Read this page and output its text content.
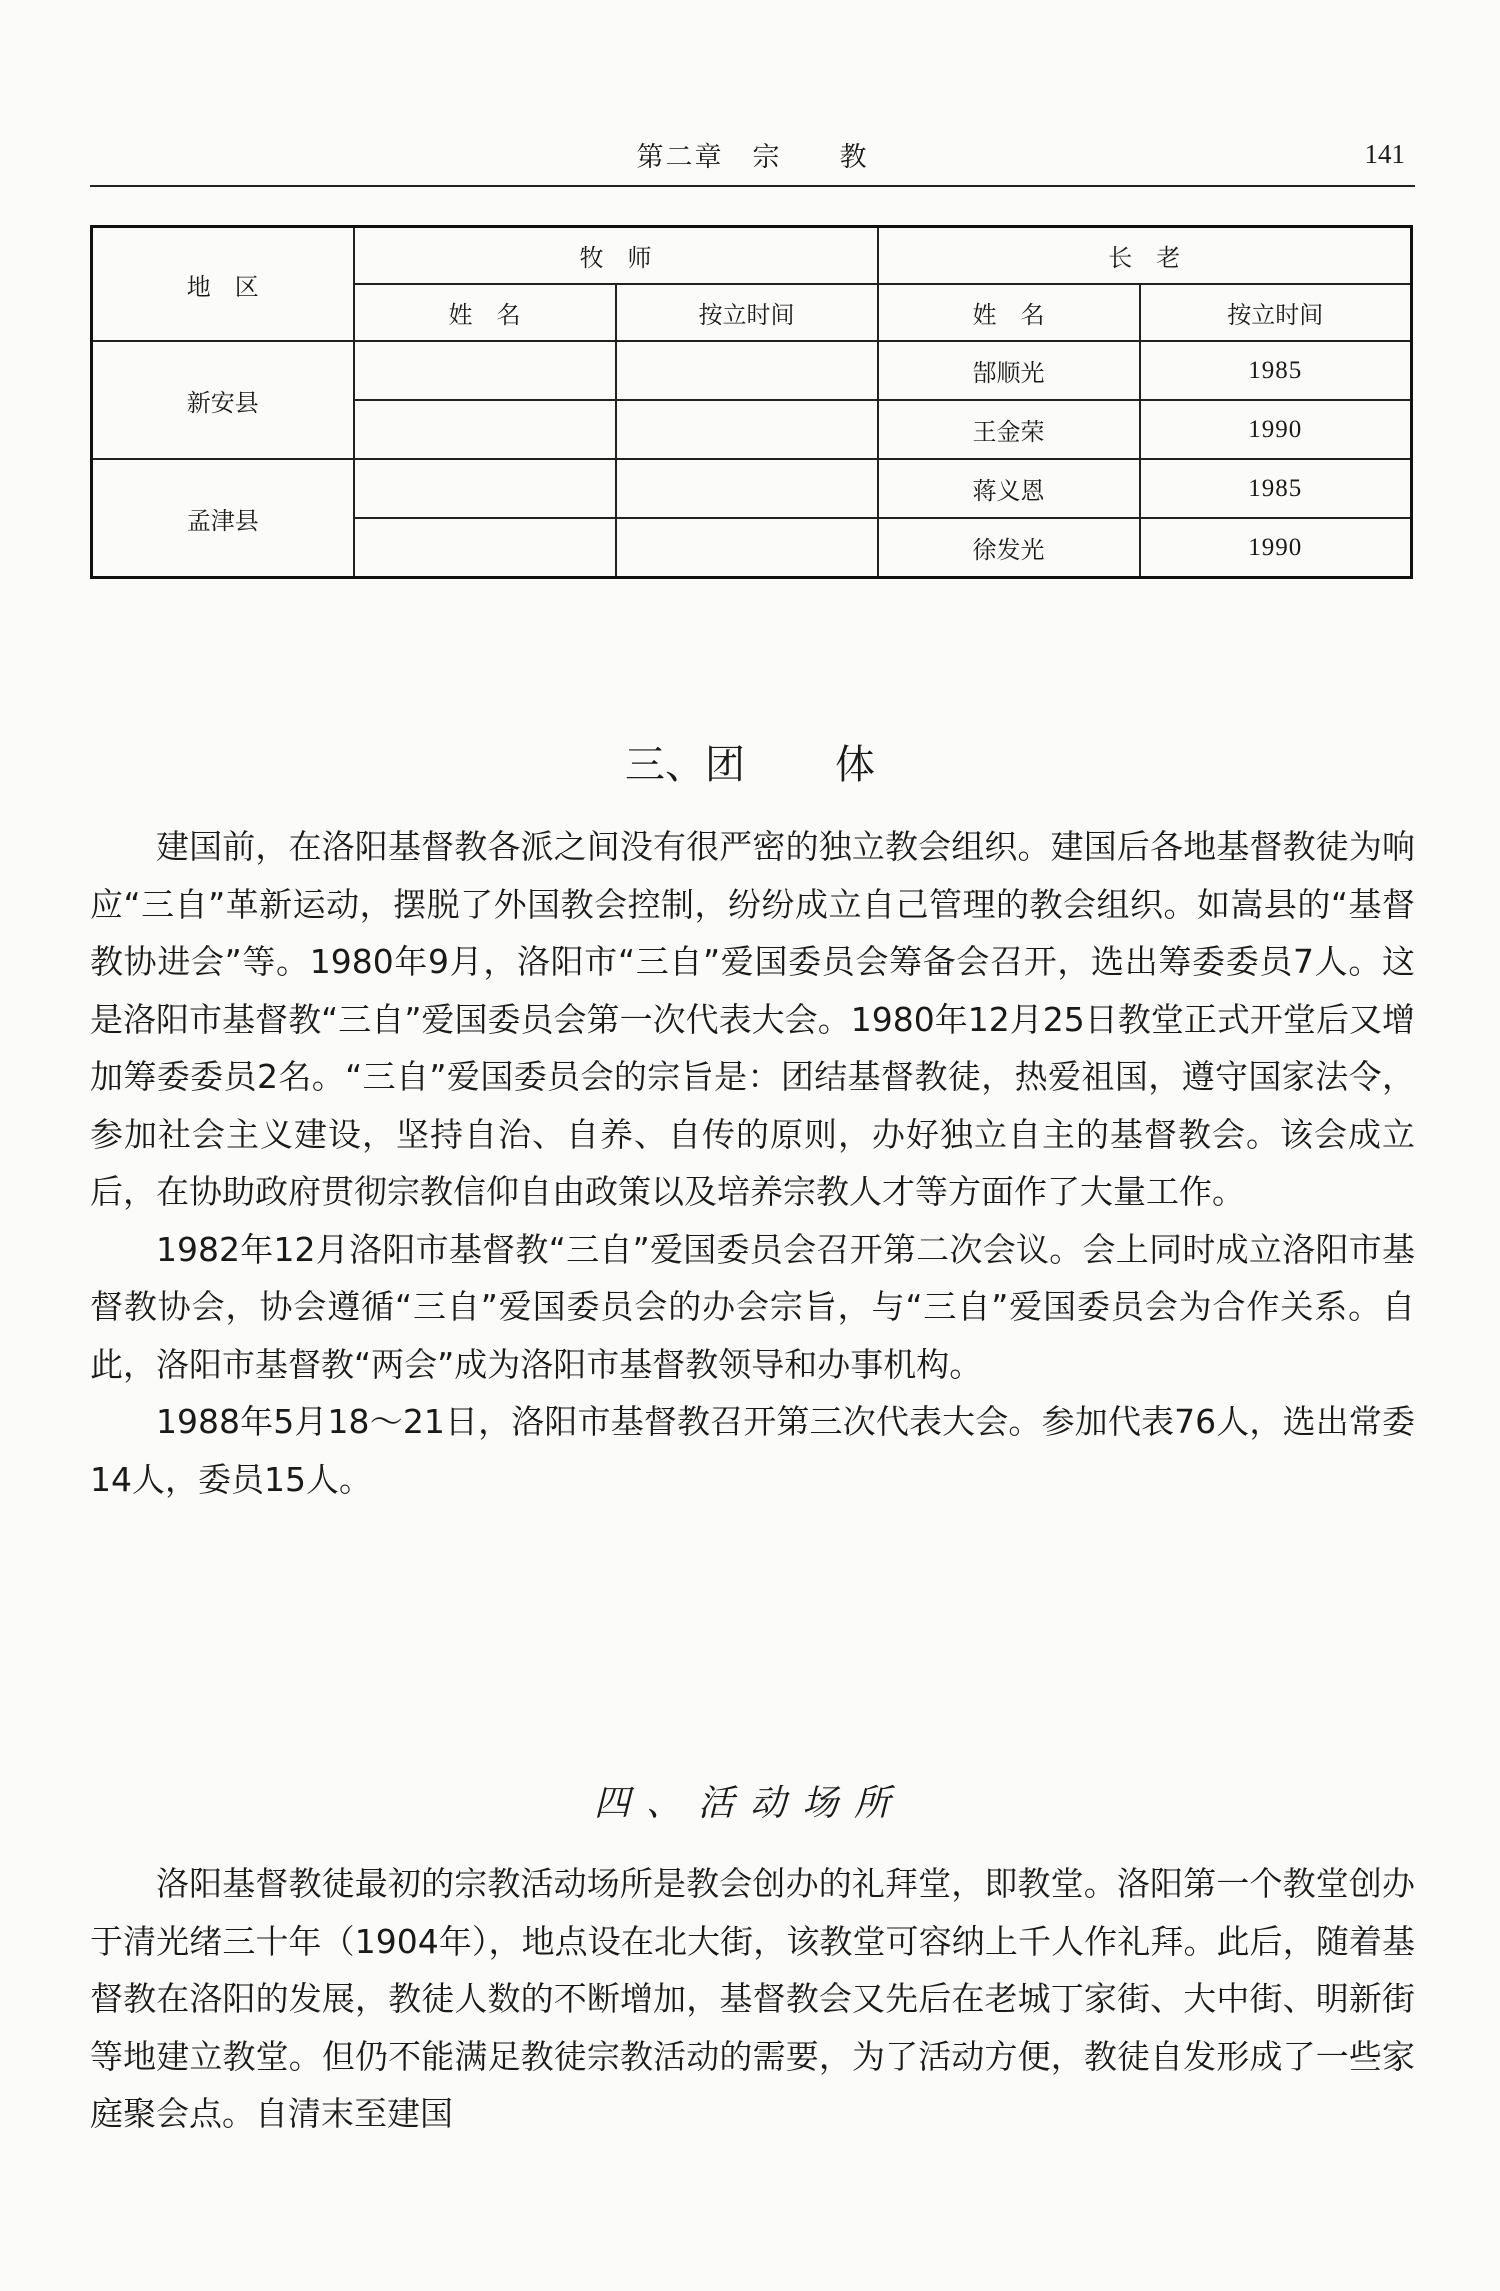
第二章　宗　　教	141
地　区	牧　师		长　老	
	姓　名	按立时间	姓　名	按立时间
新安县			郜顺光	1985
			王金荣	1990
孟津县			蒋义恩	1985
			徐发光	1990
三、团 体

建国前，在洛阳基督教各派之间没有很严密的独立教会组织。建国后各地基督教徒为响应“三自”革新运动，摆脱了外国教会控制，纷纷成立自己管理的教会组织。如嵩县的“基督教协进会”等。1980年9月，洛阳市“三自”爱国委员会筹备会召开，选出筹委委员7人。这是洛阳市基督教“三自”爱国委员会第一次代表大会。1980年12月25日教堂正式开堂后又增加筹委委员2名。“三自”爱国委员会的宗旨是：团结基督教徒，热爱祖国，遵守国家法令，参加社会主义建设，坚持自治、自养、自传的原则，办好独立自主的基督教会。该会成立后，在协助政府贯彻宗教信仰自由政策以及培养宗教人才等方面作了大量工作。

1982年12月洛阳市基督教“三自”爱国委员会召开第二次会议。会上同时成立洛阳市基督教协会，协会遵循“三自”爱国委员会的办会宗旨，与“三自”爱国委员会为合作关系。自此，洛阳市基督教“两会”成为洛阳市基督教领导和办事机构。

1988年5月18～21日，洛阳市基督教召开第三次代表大会。参加代表76人，选出常委14人，委员15人。

四、活动场所

洛阳基督教徒最初的宗教活动场所是教会创办的礼拜堂，即教堂。洛阳第一个教堂创办于清光绪三十年（1904年），地点设在北大街，该教堂可容纳上千人作礼拜。此后，随着基督教在洛阳的发展，教徒人数的不断增加，基督教会又先后在老城丁家街、大中街、明新街等地建立教堂。但仍不能满足教徒宗教活动的需要，为了活动方便，教徒自发形成了一些家庭聚会点。自清末至建国
